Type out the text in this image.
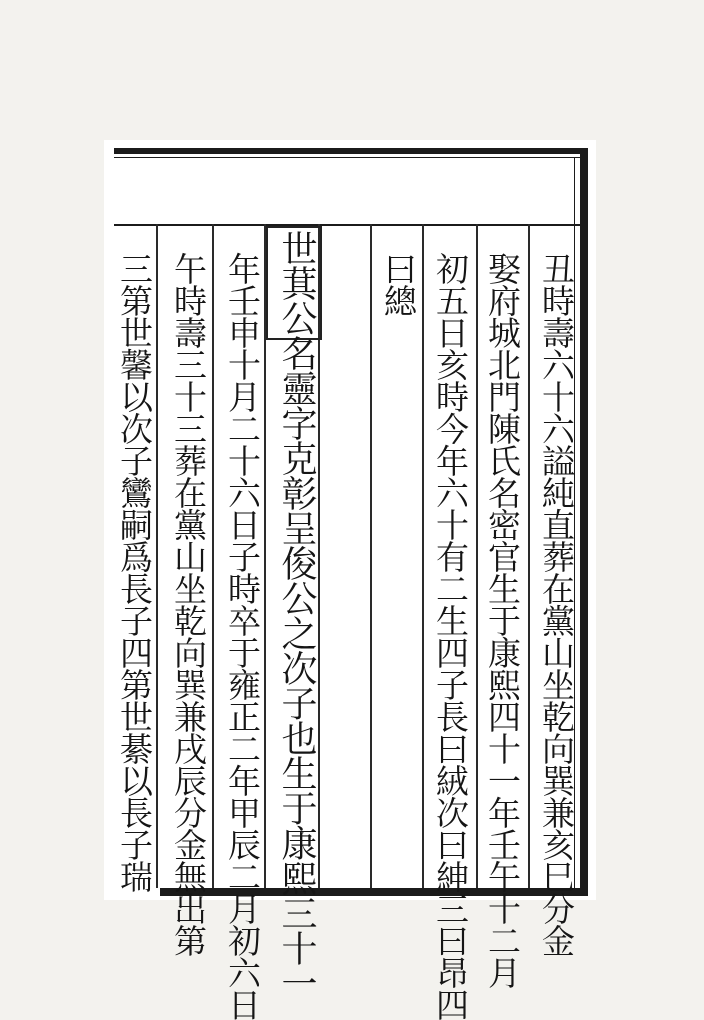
丑時壽六十六謚純直葬在黨山坐乾向巽兼亥巳分金
娶府城北門陳氏名密官生于康熙四十一年壬午十二月
初五日亥時今年六十有二生四子長曰絨次曰紳三曰昂四
曰總
世萁公名靈字克彰呈俊公之次子也生于康熙三十一
年壬申十月二十六日子時卒于雍正二年甲辰二月初六日
午時壽三十三葬在黨山坐乾向巽兼戌辰分金無出第
三第世馨以次子鸞嗣爲長子四第世綦以長子瑞
